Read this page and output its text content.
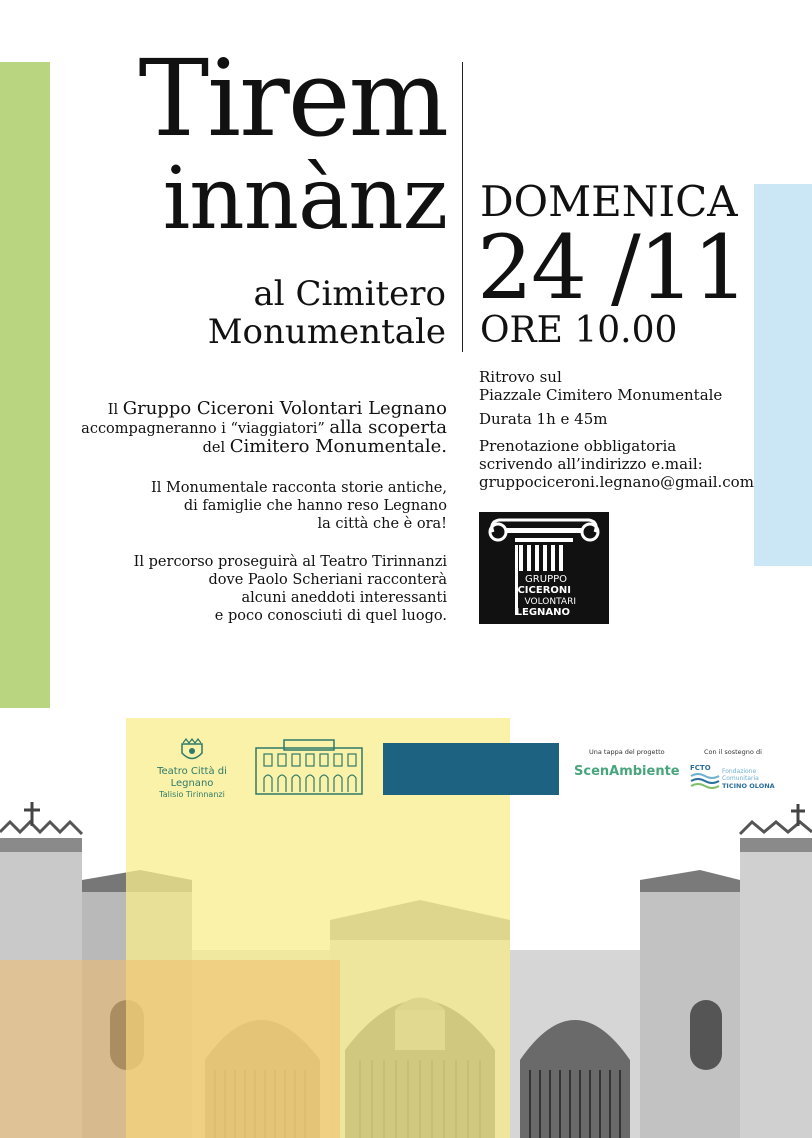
Tirem
innànz
al Cimitero
Monumentale
DOMENICA
24 /11
ORE 10.00
Ritrovo sul
Piazzale Cimitero Monumentale
Durata 1h e 45m
Prenotazione obbligatoria
scrivendo all’indirizzo e.mail:
gruppociceroni.legnano@gmail.com
GRUPPO
CICERONI
VOLONTARI
LEGNANO
Il Gruppo Ciceroni Volontari Legnano
accompagneranno i “viaggiatori” alla scoperta
del Cimitero Monumentale.
Il Monumentale racconta storie antiche,
di famiglie che hanno reso Legnano
la città che è ora!
Il percorso proseguirà al Teatro Tirinnanzi
dove Paolo Scheriani racconterà
alcuni aneddoti interessanti
e poco conosciuti di quel luogo.
Teatro Città di Legnano
Talisio Tirinnanzi
Una tappa del progetto
ScenAmbiente
Con il sostegno di
FCTO Fondazione
Comunitaria
TICINO OLONA
